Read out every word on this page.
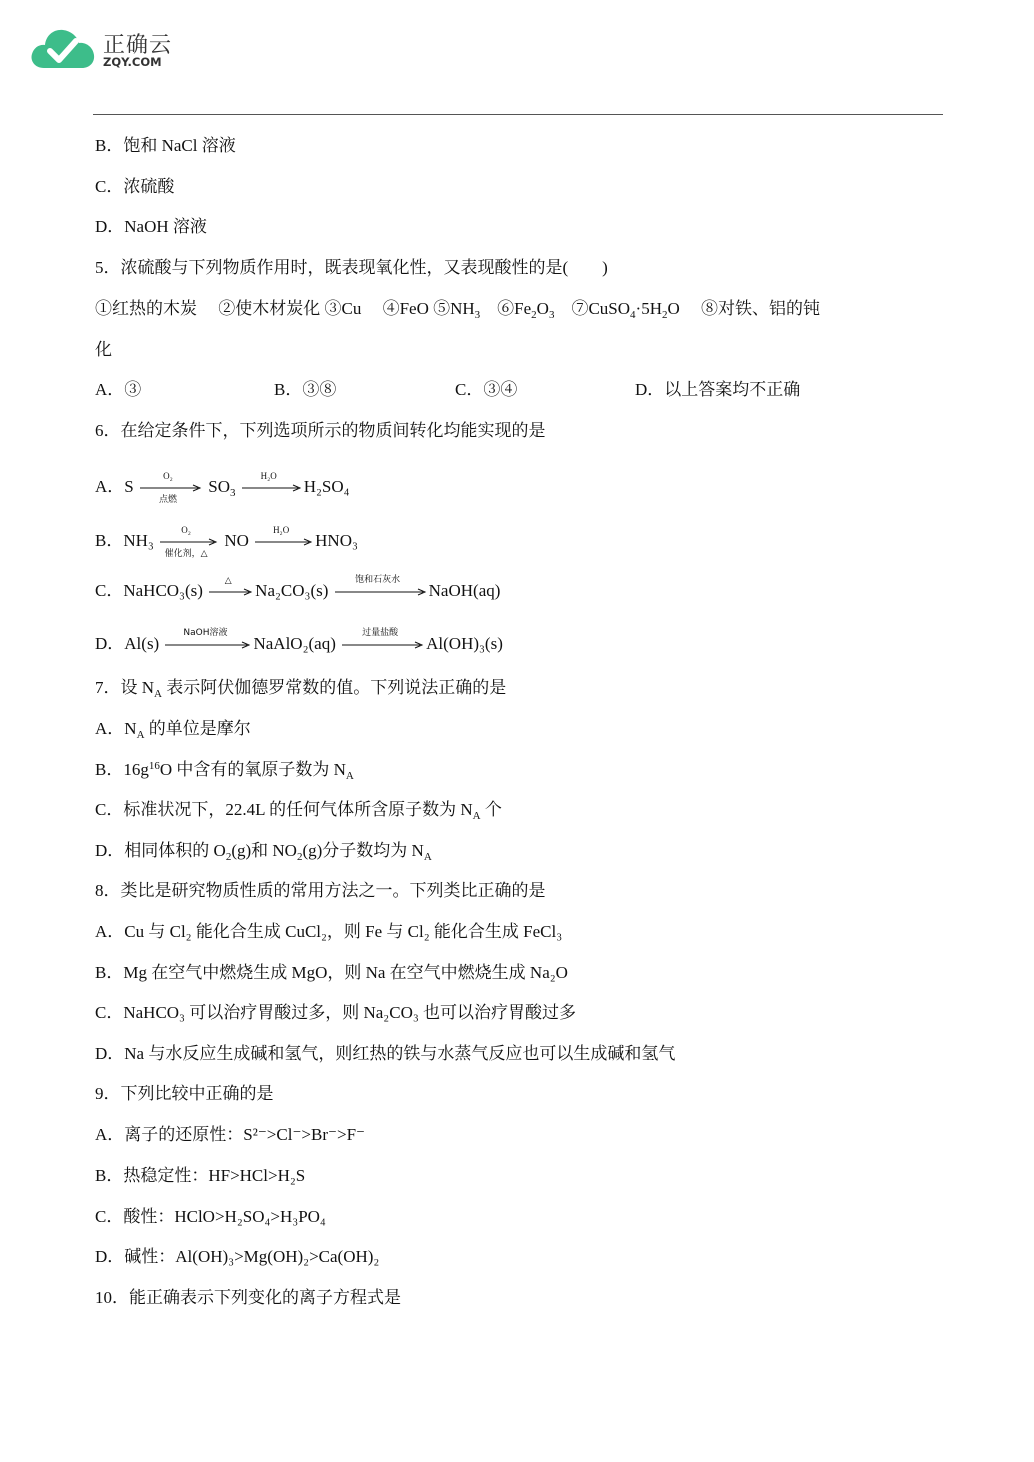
正确云
ZQY.COM
B．饱和 NaCl 溶液
C．浓硫酸
D．NaOH 溶液
5．浓硫酸与下列物质作用时，既表现氧化性，又表现酸性的是(　　)
①红热的木炭　 ②使木材炭化 ③Cu　 ④FeO $⑤NH_3$　$⑥Fe_2O_3$　$⑦CuSO_4\cdot 5H_2O$　 ⑧对铁、铝的钝
化
A．③	B．③⑧	C．③④	D．以上答案均不正确
6．在给定条件下，下列选项所示的物质间转化均能实现的是
A．S
O₂
点燃
$SO_3$
H₂O
H₂SO₄
B．NH₃
O₂
催化剂，△
NO
H₂O
HNO₃
C．NaHCO₃(s)
△
Na₂CO₃(s)
饱和石灰水
NaOH(aq)
D．Al(s)
NaOH溶液
NaAlO₂(aq)
过量盐酸
Al(OH)₃(s)
7．设 $N_A$ 表示阿伏伽德罗常数的值。下列说法正确的是
A．$N_A$ 的单位是摩尔
B．$16g^{16}O$ 中含有的氧原子数为 $N_A$
C．标准状况下，22.4L 的任何气体所含原子数为 $N_A$ 个
D．相同体积的 $O_2(g)$和 $NO_2(g)$分子数均为 $N_A$
8．类比是研究物质性质的常用方法之一。下列类比正确的是
A．Cu 与 Cl₂ 能化合生成 CuCl₂，则 Fe 与 Cl₂ 能化合生成 FeCl₃
B．Mg 在空气中燃烧生成 MgO，则 Na 在空气中燃烧生成 Na₂O
C．NaHCO₃ 可以治疗胃酸过多，则 Na₂CO₃ 也可以治疗胃酸过多
D．Na 与水反应生成碱和氢气，则红热的铁与水蒸气反应也可以生成碱和氢气
9．下列比较中正确的是
A．离子的还原性：S²⁻>Cl⁻>Br⁻>F⁻
B．热稳定性：HF>HCl>H₂S
C．酸性：HClO>H₂SO₄>H₃PO₄
D．碱性：Al(OH)₃>Mg(OH)₂>Ca(OH)₂
10．能正确表示下列变化的离子方程式是
